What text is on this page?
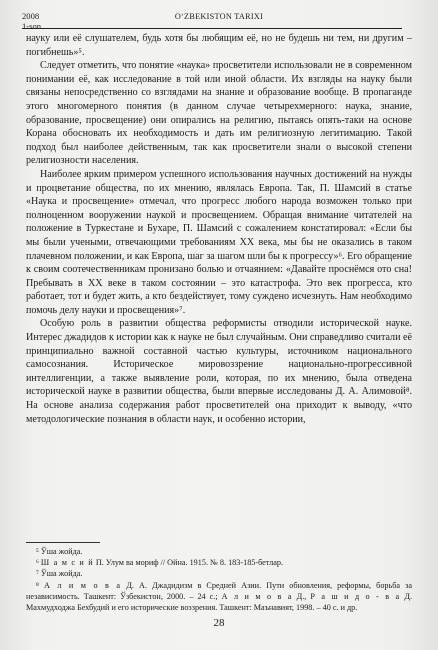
2008
1-son
O‘ZBEKISTON TARIXI

науку или её слушателем, будь хотя бы любящим её, но не будешь ни тем, ни другим – погибнешь»⁵.

Следует отметить, что понятие «наука» просветители использовали не в современном понимании её, как исследование в той или иной области. Их взгляды на науку были связаны непосредственно со взглядами на знание и образование вообще. В пропаганде этого многомерного понятия (в данном случае четырехмерного: наука, знание, образование, просвещение) они опирались на религию, пытаясь опять-таки на основе Корана обосновать их необходимость и дать им религиозную легитимацию. Такой подход был наиболее действенным, так как просветители знали о высокой степени религиозности населения.

Наиболее ярким примером успешного использования научных достижений на нужды и процветание общества, по их мнению, являлась Европа. Так, П. Шамсий в статье «Наука и просвещение» отмечал, что прогресс любого народа возможен только при полноценном вооружении наукой и просвещением. Обращая внимание читателей на положение в Туркестане и Бухаре, П. Шамсий с сожалением констатировал: «Если бы мы были учеными, отвечающими требованиям XX века, мы бы не оказались в таком плачевном положении, и как Европа, шаг за шагом шли бы к прогрессу»⁶. Его обращение к своим соотечественникам пронизано болью и отчаянием: «Давайте проснёмся ото сна! Пребывать в XX веке в таком состоянии – это катастрофа. Это век прогресса, кто работает, тот и будет жить, а кто бездействует, тому суждено исчезнуть. Нам необходимо помочь делу науки и просвещения»⁷.

Особую роль в развитии общества реформисты отводили исторической науке. Интерес джадидов к истории как к науке не был случайным. Они справедливо считали её принципиально важной составной частью культуры, источником национального самосознания. Историческое мировоззрение национально-прогрессивной интеллигенции, а также выявление роли, которая, по их мнению, была отведена исторической науке в развитии общества, были впервые исследованы Д. А. Алимовой⁸. На основе анализа содержания работ просветителей она приходит к выводу, «что методологические познания в области наук, и особенно истории,

⁵ Ўша жойда.

⁶ Ш а м с и й П. Улум ва мориф // Ойна. 1915. № 8. 183-185-бетлар.

⁷ Ўша жойда.

⁸ А л и м о в а Д. А. Джадидизм в Средней Азии. Пути обновления, реформы, борьба за независимость. Ташкент: Ўзбекистон, 2000. – 24 с.; А л и м о в а Д., Р а ш и д о - в а Д. Махмудходжа Бехбудий и его исторические воззрения. Ташкент: Маънавият, 1998. – 40 с. и др.

28
